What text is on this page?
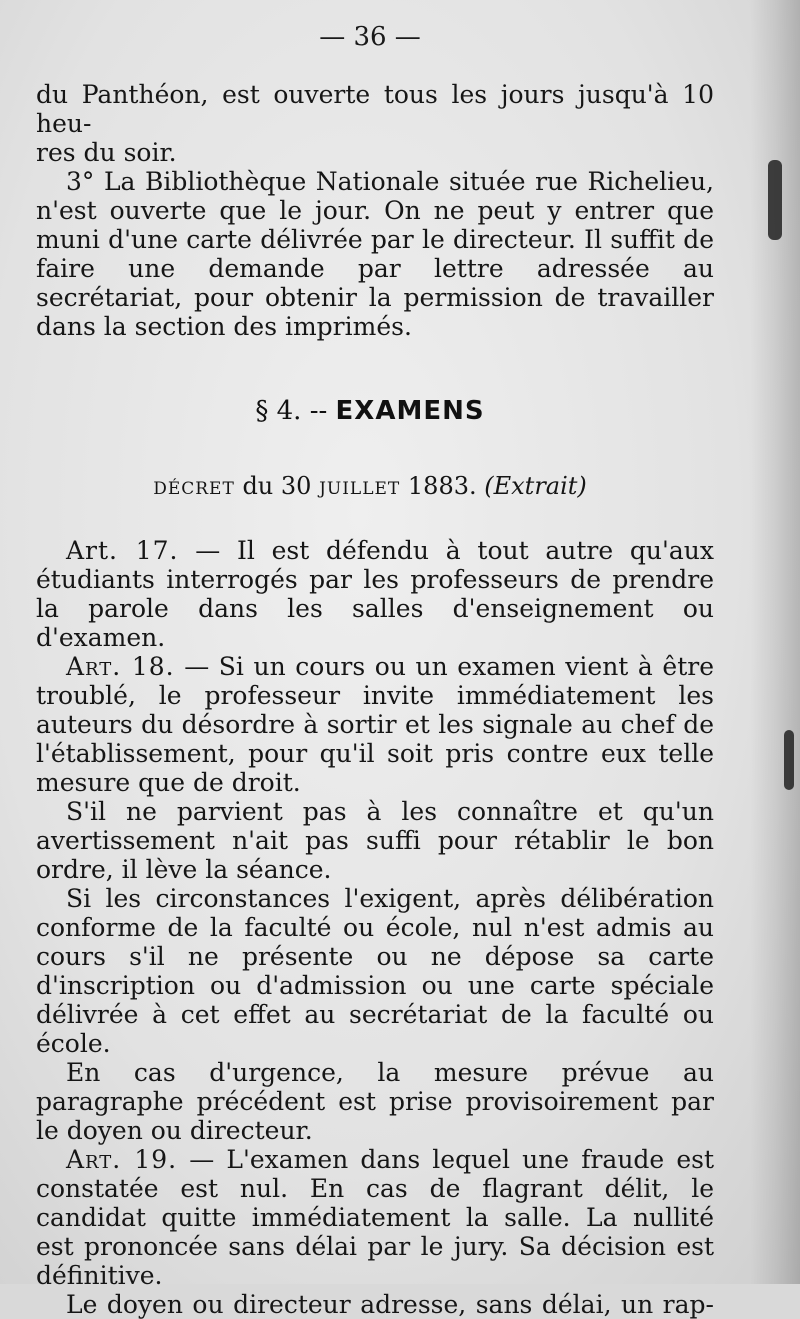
— 36 —

du Panthéon, est ouverte tous les jours jusqu'à 10 heu-

res du soir.

3° La Bibliothèque Nationale située rue Richelieu, n'est ouverte que le jour. On ne peut y entrer que muni d'une carte délivrée par le directeur. Il suffit de faire une demande par lettre adressée au secrétariat, pour obtenir la permission de travailler dans la section des imprimés.

§ 4. -- EXAMENS
décret du 30 juillet 1883. (Extrait)

Art. 17. — Il est défendu à tout autre qu'aux étudiants interrogés par les professeurs de prendre la parole dans les salles d'enseignement ou d'examen.

Art. 18. — Si un cours ou un examen vient à être troublé, le professeur invite immédiatement les auteurs du désordre à sortir et les signale au chef de l'établissement, pour qu'il soit pris contre eux telle mesure que de droit.

S'il ne parvient pas à les connaître et qu'un avertissement n'ait pas suffi pour rétablir le bon ordre, il lève la séance.

Si les circonstances l'exigent, après délibération conforme de la faculté ou école, nul n'est admis au cours s'il ne présente ou ne dépose sa carte d'inscription ou d'admission ou une carte spéciale délivrée à cet effet au secrétariat de la faculté ou école.

En cas d'urgence, la mesure prévue au paragraphe précédent est prise provisoirement par le doyen ou directeur.

Art. 19. — L'examen dans lequel une fraude est constatée est nul. En cas de flagrant délit, le candidat quitte immédiatement la salle. La nullité est prononcée sans délai par le jury. Sa décision est définitive.

Le doyen ou directeur adresse, sans délai, un rap-
